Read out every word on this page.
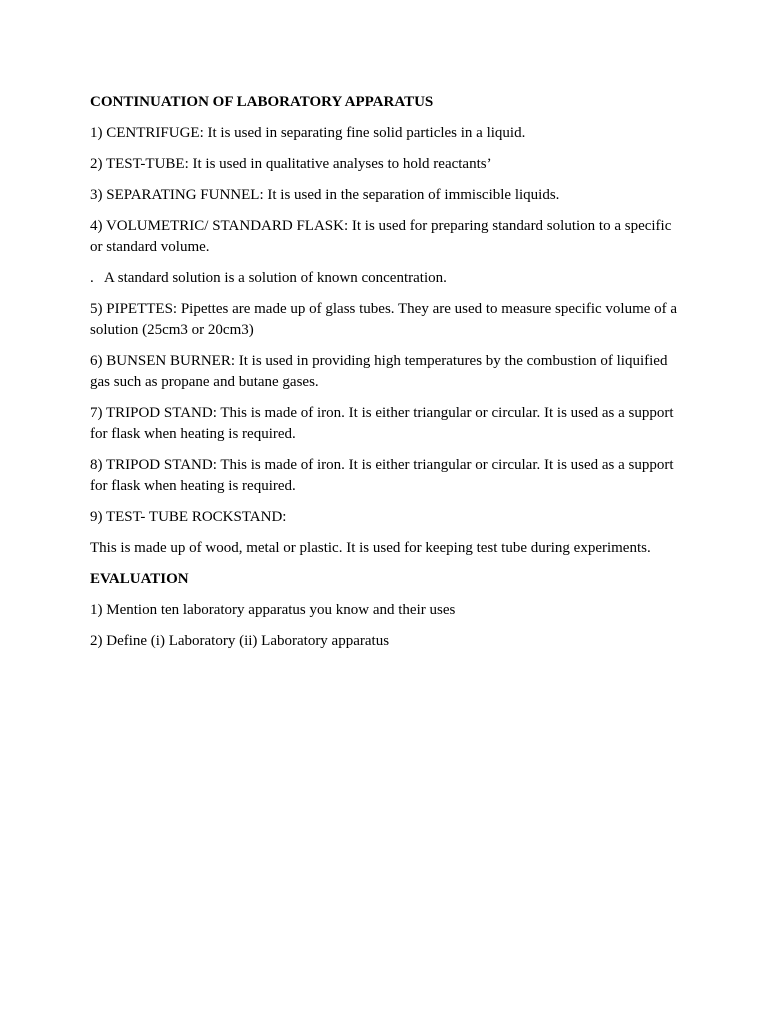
CONTINUATION OF LABORATORY APPARATUS

1) CENTRIFUGE: It is used in separating fine solid particles in a liquid.

2) TEST-TUBE: It is used in qualitative analyses to hold reactants’

3) SEPARATING FUNNEL: It is used in the separation of immiscible liquids.

4) VOLUMETRIC/ STANDARD FLASK: It is used for preparing standard solution to a specific or standard volume.

. A standard solution is a solution of known concentration.

5) PIPETTES: Pipettes are made up of glass tubes. They are used to measure specific volume of a solution (25cm3 or 20cm3)

6) BUNSEN BURNER: It is used in providing high temperatures by the combustion of liquified gas such as propane and butane gases.

7) TRIPOD STAND: This is made of iron. It is either triangular or circular. It is used as a support for flask when heating is required.

8) TRIPOD STAND: This is made of iron. It is either triangular or circular. It is used as a support for flask when heating is required.

9) TEST- TUBE ROCKSTAND:

This is made up of wood, metal or plastic. It is used for keeping test tube during experiments.

EVALUATION

1) Mention ten laboratory apparatus you know and their uses

2) Define (i) Laboratory (ii) Laboratory apparatus
